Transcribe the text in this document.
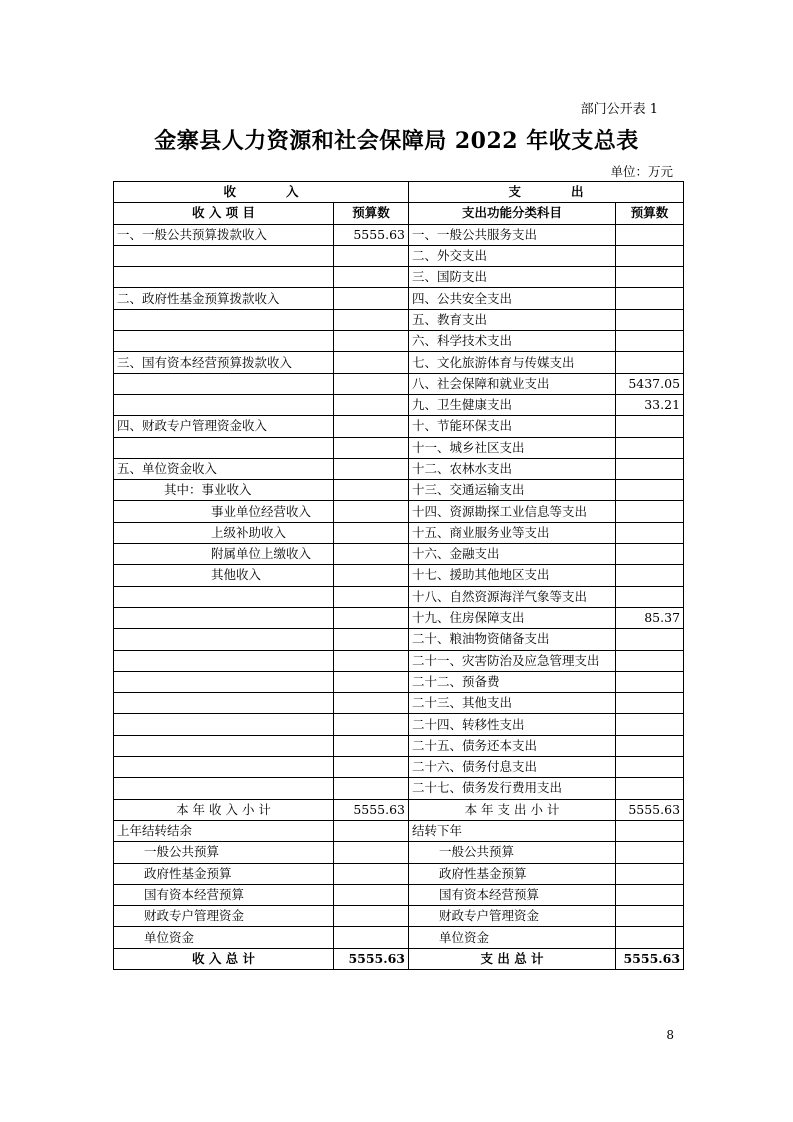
部门公开表 1
金寨县人力资源和社会保障局 2022 年收支总表
单位：万元
收　　　　入		支　　　　出	
收 入 项 目	预算数	支出功能分类科目	预算数
一、一般公共预算拨款收入	5555.63	一、一般公共服务支出	
		二、外交支出	
		三、国防支出	
二、政府性基金预算拨款收入		四、公共安全支出	
		五、教育支出	
		六、科学技术支出	
三、国有资本经营预算拨款收入		七、文化旅游体育与传媒支出	
		八、社会保障和就业支出	5437.05
		九、卫生健康支出	33.21
四、财政专户管理资金收入		十、节能环保支出	
		十一、城乡社区支出	
五、单位资金收入		十二、农林水支出	
其中：事业收入		十三、交通运输支出	
事业单位经营收入		十四、资源勘探工业信息等支出	
上级补助收入		十五、商业服务业等支出	
附属单位上缴收入		十六、金融支出	
其他收入		十七、援助其他地区支出	
		十八、自然资源海洋气象等支出	
		十九、住房保障支出	85.37
		二十、粮油物资储备支出	
		二十一、灾害防治及应急管理支出	
		二十二、预备费	
		二十三、其他支出	
		二十四、转移性支出	
		二十五、债务还本支出	
		二十六、债务付息支出	
		二十七、债务发行费用支出	
本 年 收 入 小 计	5555.63	本 年 支 出 小 计	5555.63
上年结转结余		结转下年	
一般公共预算		一般公共预算	
政府性基金预算		政府性基金预算	
国有资本经营预算		国有资本经营预算	
财政专户管理资金		财政专户管理资金	
单位资金		单位资金	
收 入 总 计	5555.63	支 出 总 计	5555.63
8
